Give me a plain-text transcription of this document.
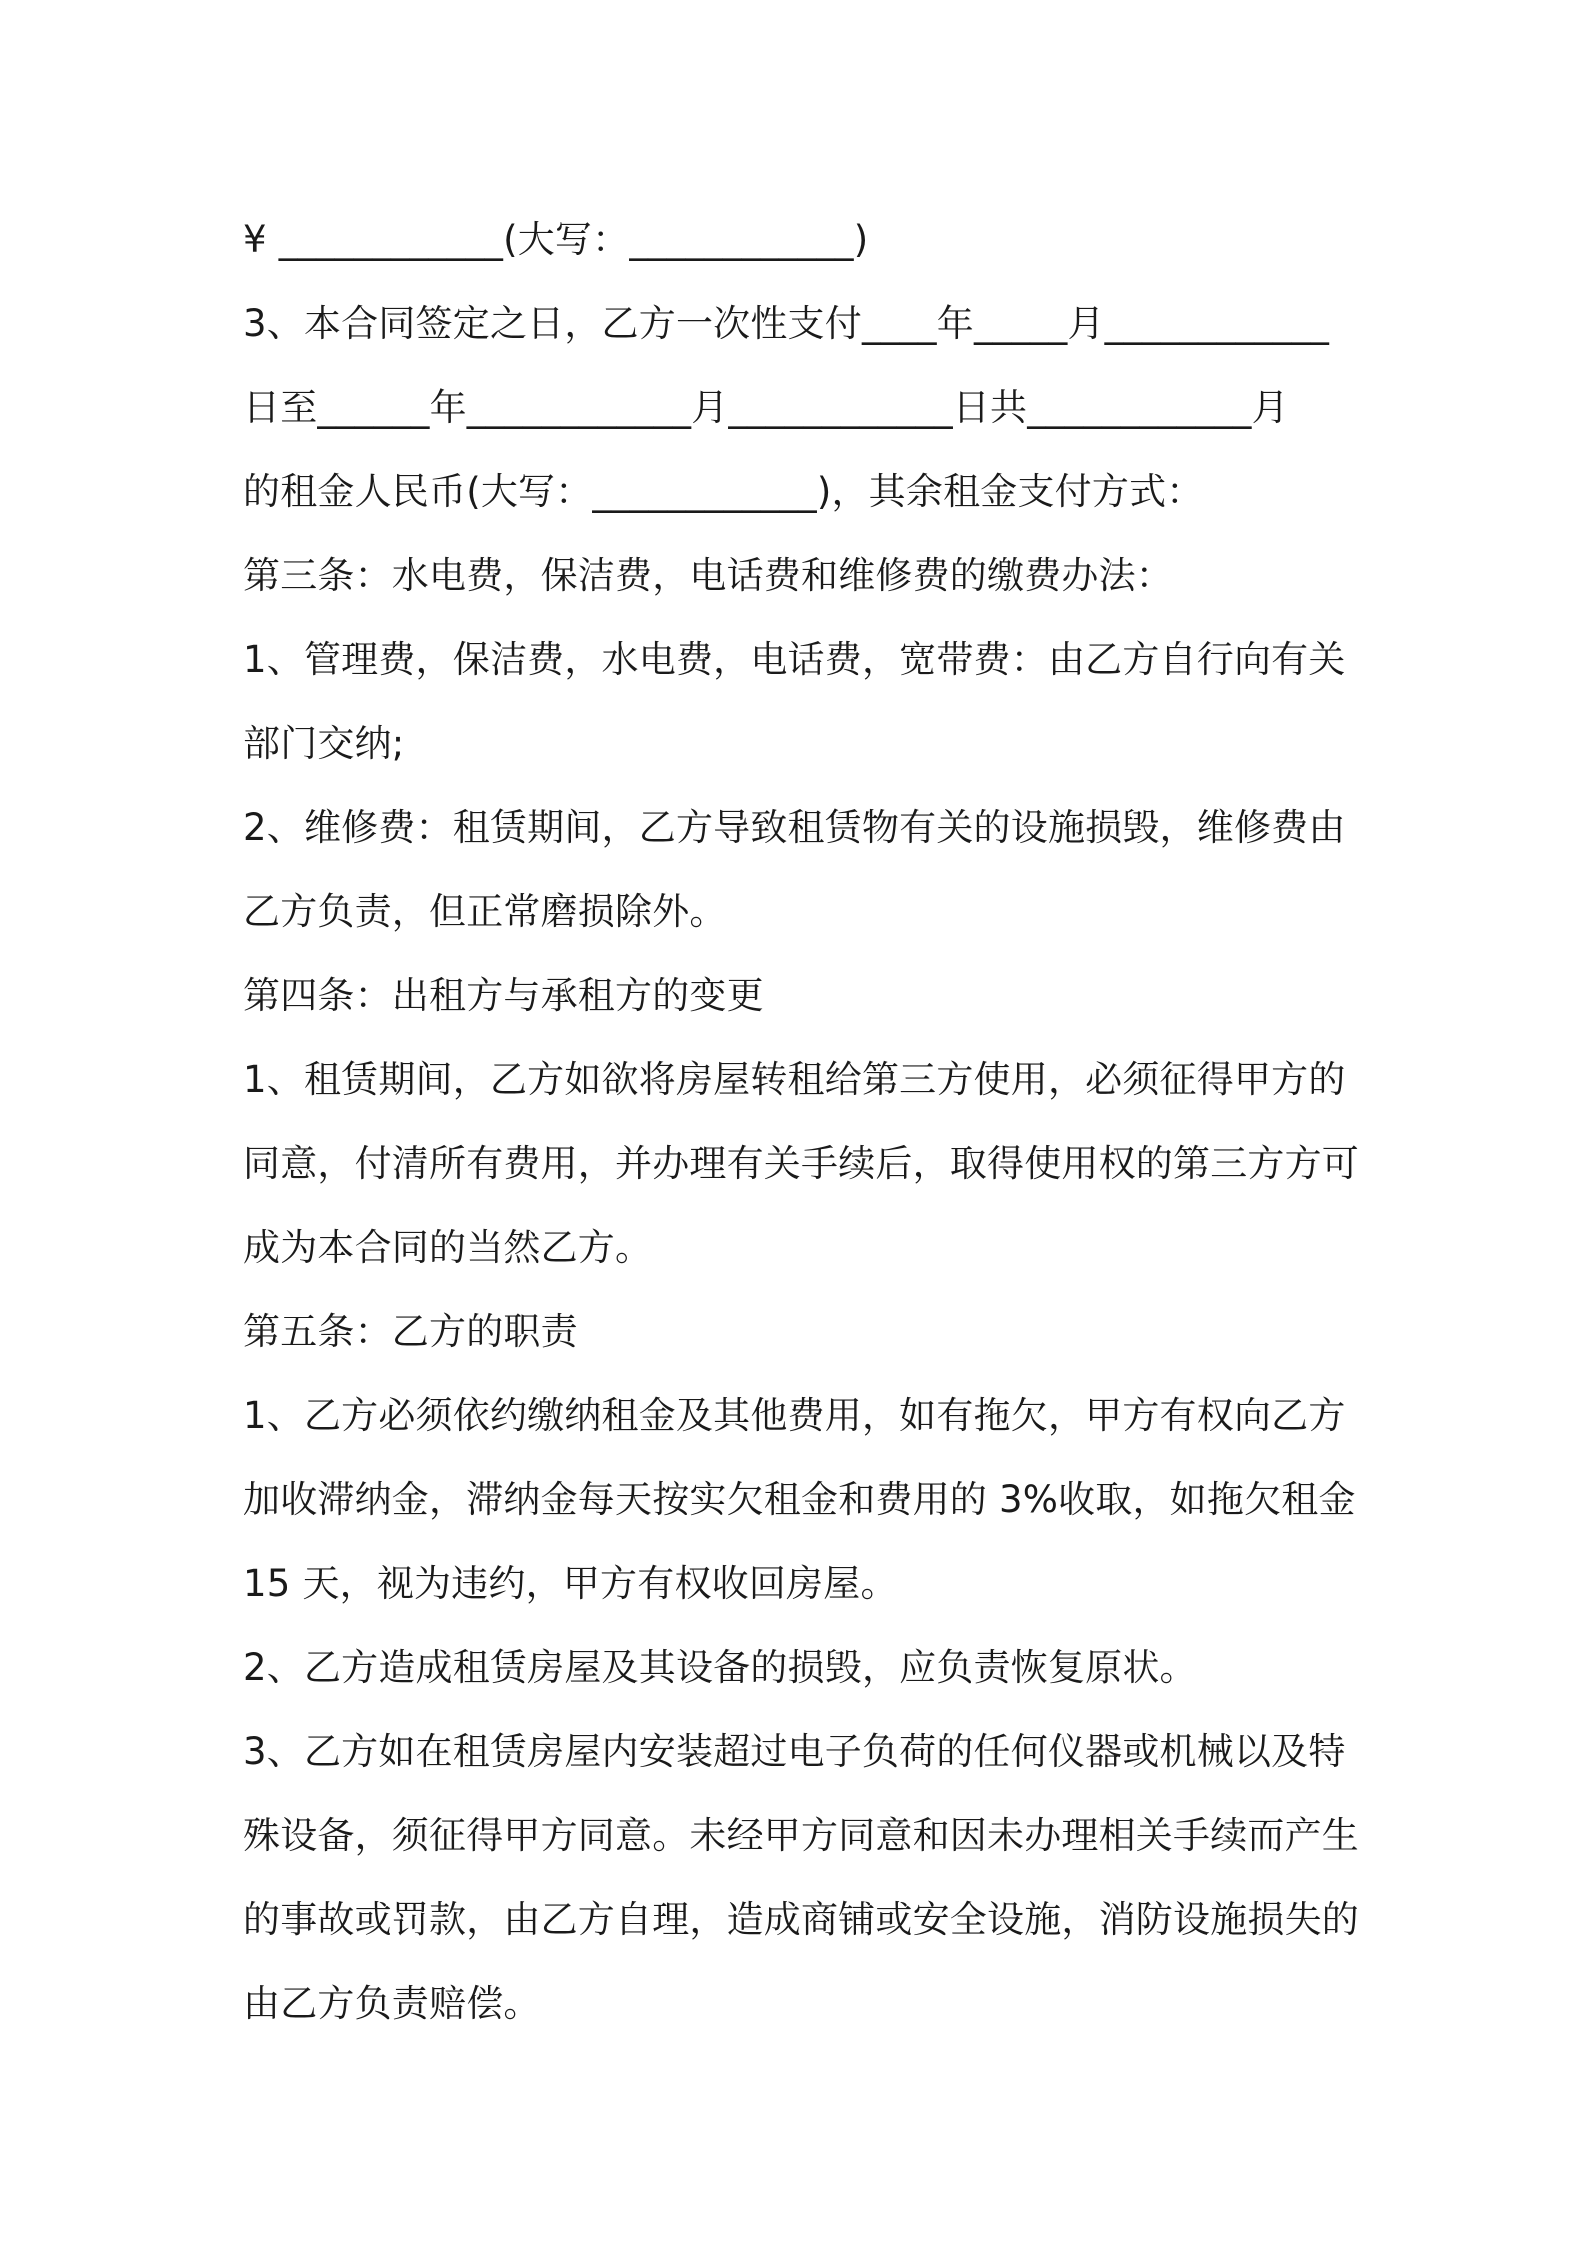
¥ ____________(大写：____________)
3、本合同签定之日，乙方一次性支付____年_____月____________
日至______年____________月____________日共____________月
的租金人民币(大写：____________)，其余租金支付方式：
第三条：水电费，保洁费，电话费和维修费的缴费办法：
1、管理费，保洁费，水电费，电话费，宽带费：由乙方自行向有关
部门交纳;
2、维修费：租赁期间，乙方导致租赁物有关的设施损毁，维修费由
乙方负责，但正常磨损除外。
第四条：出租方与承租方的变更
1、租赁期间，乙方如欲将房屋转租给第三方使用，必须征得甲方的
同意，付清所有费用，并办理有关手续后，取得使用权的第三方方可
成为本合同的当然乙方。
第五条：乙方的职责
1、乙方必须依约缴纳租金及其他费用，如有拖欠，甲方有权向乙方
加收滞纳金，滞纳金每天按实欠租金和费用的 3%收取，如拖欠租金
15 天，视为违约，甲方有权收回房屋。
2、乙方造成租赁房屋及其设备的损毁，应负责恢复原状。
3、乙方如在租赁房屋内安装超过电子负荷的任何仪器或机械以及特
殊设备，须征得甲方同意。未经甲方同意和因未办理相关手续而产生
的事故或罚款，由乙方自理，造成商铺或安全设施，消防设施损失的
由乙方负责赔偿。
